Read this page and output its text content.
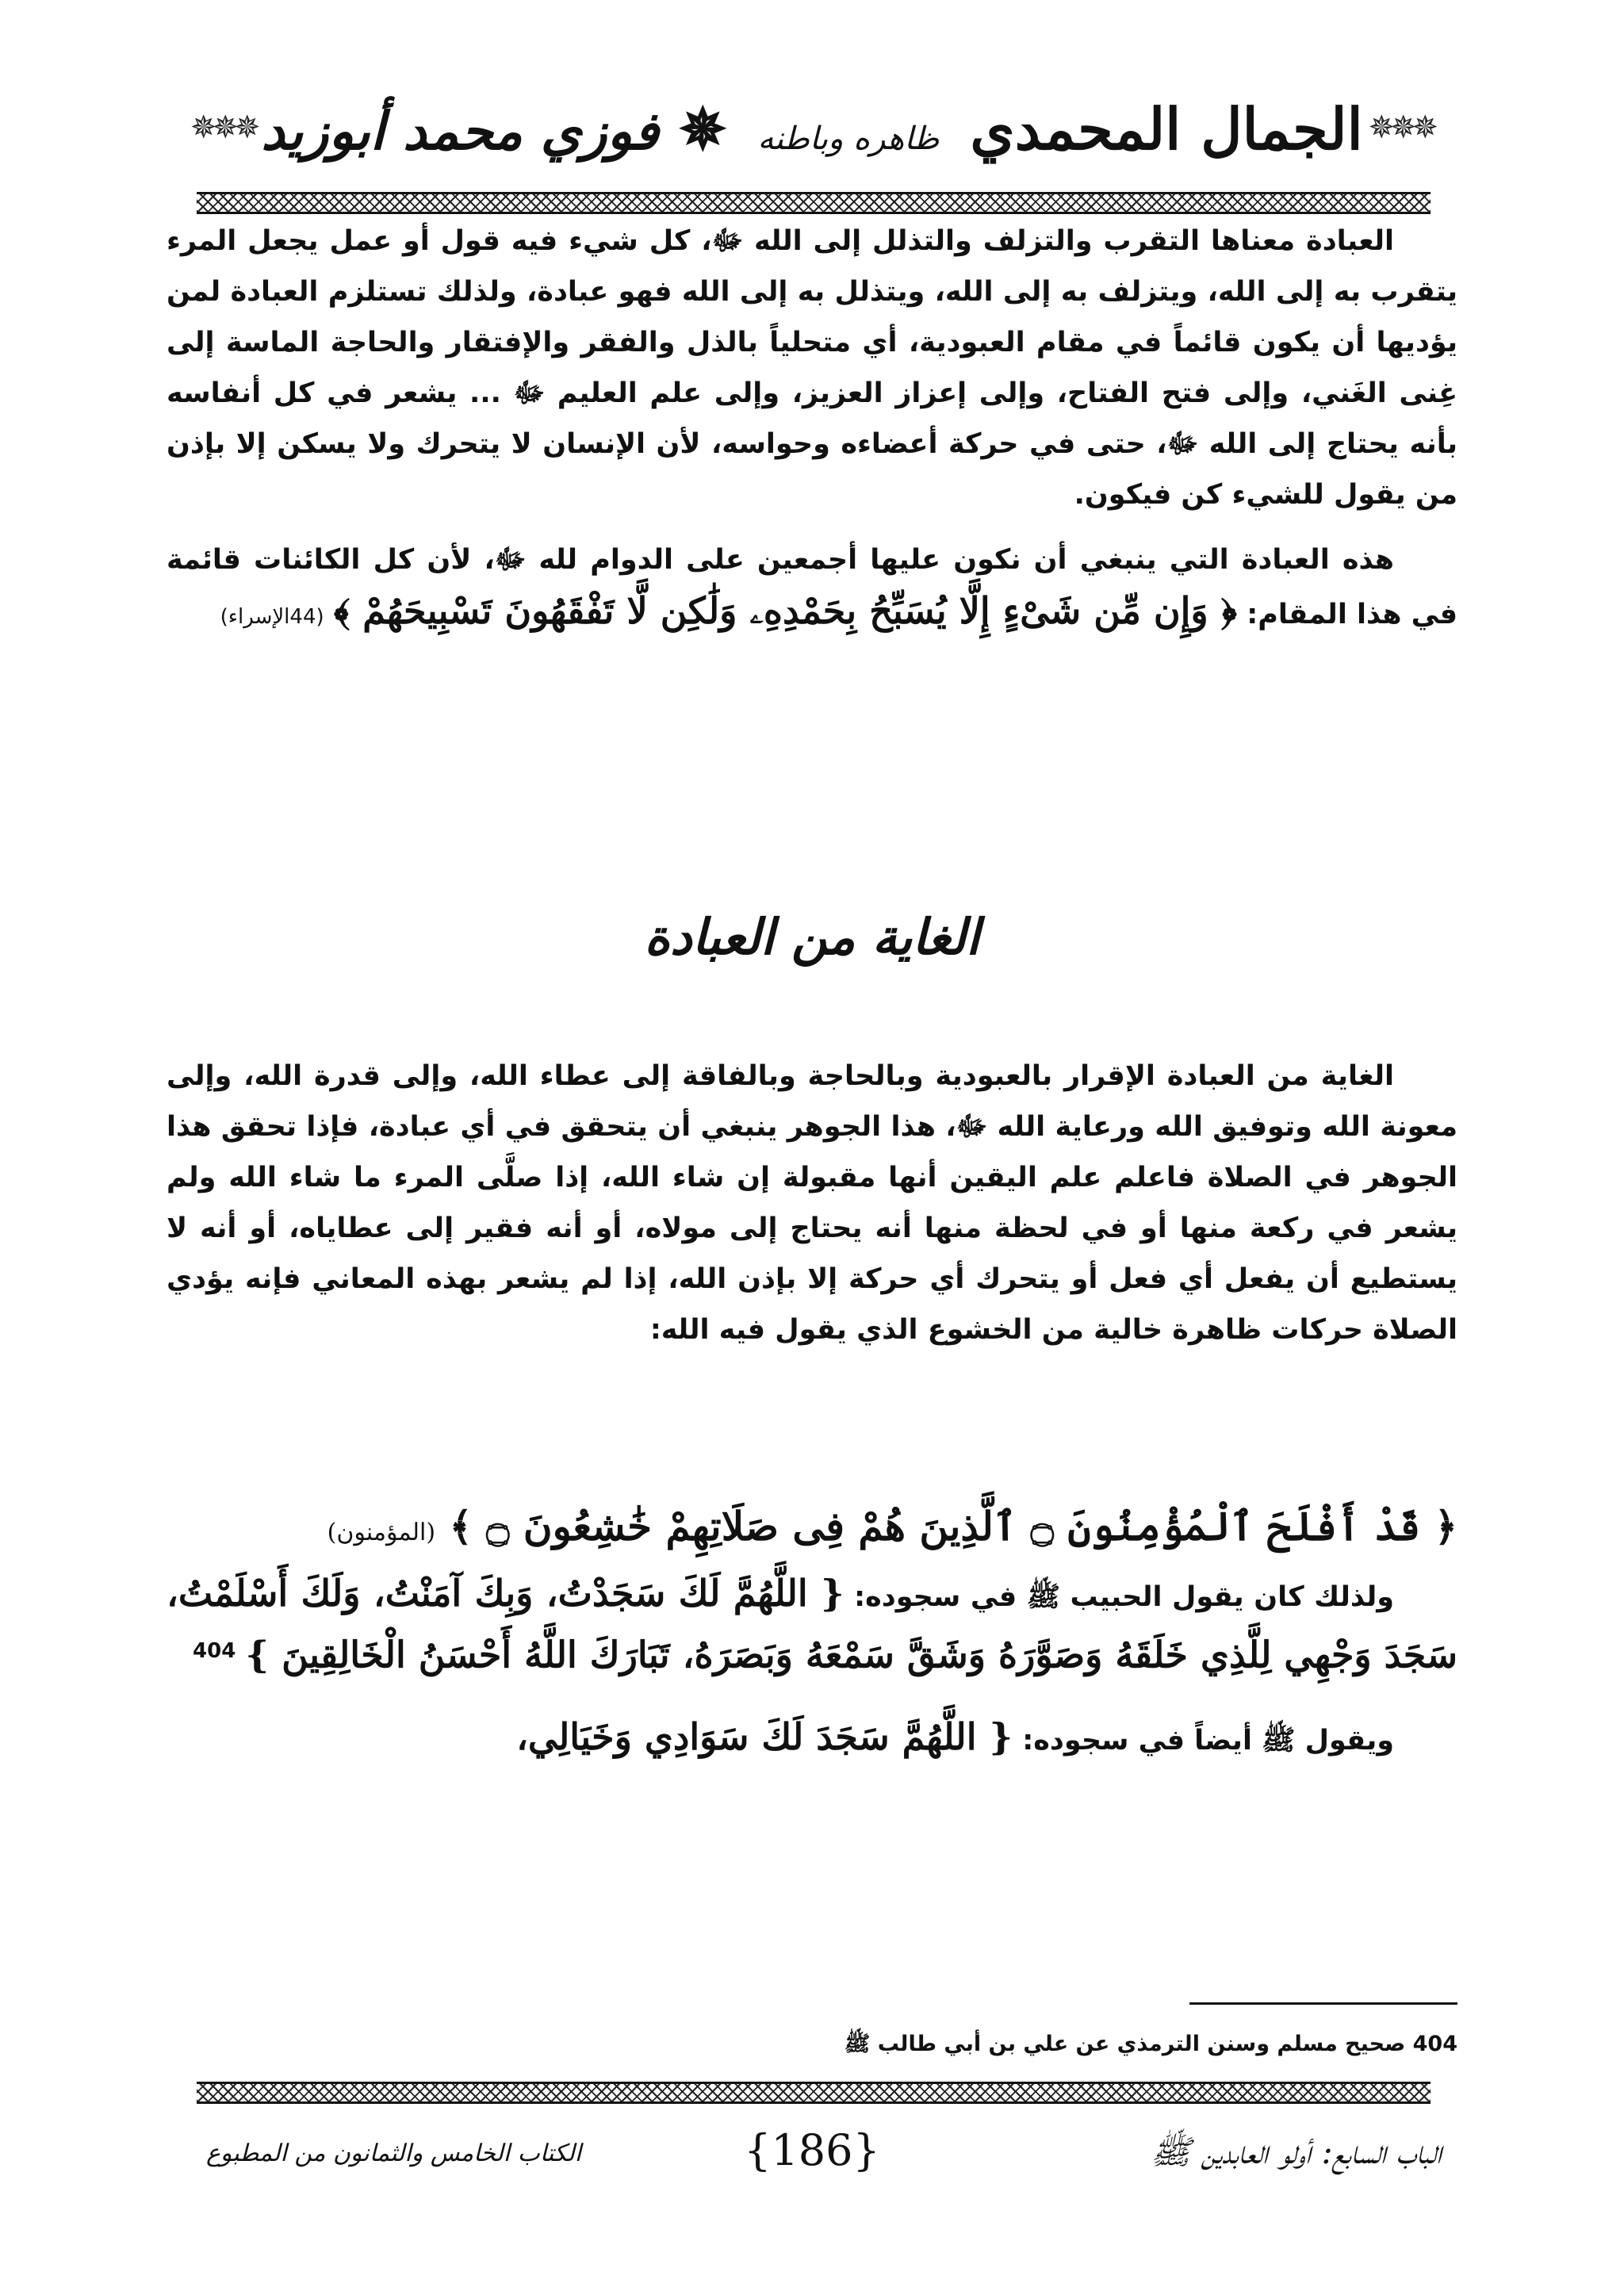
✵✵✵
✵✵✵	الجمال المحمدي ظاهره وباطنه ✵ فوزي محمد أبوزيد

العبادة معناها التقرب والتزلف والتذلل إلى الله ﷻ، كل شيء فيه قول أو عمل يجعل المرء يتقرب به إلى الله، ويتزلف به إلى الله، ويتذلل به إلى الله فهو عبادة، ولذلك تستلزم العبادة لمن يؤديها أن يكون قائماً في مقام العبودية، أي متحلياً بالذل والفقر والإفتقار والحاجة الماسة إلى غِنى الغَني، وإلى فتح الفتاح، وإلى إعزاز العزيز، وإلى علم العليم ﷻ ... يشعر في كل أنفاسه بأنه يحتاج إلى الله ﷻ، حتى في حركة أعضاءه وحواسه، لأن الإنسان لا يتحرك ولا يسكن إلا بإذن من يقول للشيء كن فيكون.

هذه العبادة التي ينبغي أن نكون عليها أجمعين على الدوام لله ﷻ، لأن كل الكائنات قائمة في هذا المقام: ﴿ وَإِن مِّن شَىْءٍ إِلَّا يُسَبِّحُ بِحَمْدِهِۦ وَلَٰكِن لَّا تَفْقَهُونَ تَسْبِيحَهُمْ ﴾ (44الإسراء)

الغاية من العبادة

الغاية من العبادة الإقرار بالعبودية وبالحاجة وبالفاقة إلى عطاء الله، وإلى قدرة الله، وإلى معونة الله وتوفيق الله ورعاية الله ﷻ، هذا الجوهر ينبغي أن يتحقق في أي عبادة، فإذا تحقق هذا الجوهر في الصلاة فاعلم علم اليقين أنها مقبولة إن شاء الله، إذا صلَّى المرء ما شاء الله ولم يشعر في ركعة منها أو في لحظة منها أنه يحتاج إلى مولاه، أو أنه فقير إلى عطاياه، أو أنه لا يستطيع أن يفعل أي فعل أو يتحرك أي حركة إلا بإذن الله، إذا لم يشعر بهذه المعاني فإنه يؤدي الصلاة حركات ظاهرة خالية من الخشوع الذي يقول فيه الله:

﴿ قَدْ أَفْلَحَ ٱلْمُؤْمِنُونَ ۝ ٱلَّذِينَ هُمْ فِى صَلَاتِهِمْ خَٰشِعُونَ ۝ ﴾ (المؤمنون)

ولذلك كان يقول الحبيب ﷺ في سجوده: { اللَّهُمَّ لَكَ سَجَدْتُ، وَبِكَ آمَنْتُ، وَلَكَ أَسْلَمْتُ، سَجَدَ وَجْهِي لِلَّذِي خَلَقَهُ وَصَوَّرَهُ وَشَقَّ سَمْعَهُ وَبَصَرَهُ، تَبَارَكَ اللَّهُ أَحْسَنُ الْخَالِقِينَ } $^{404}$

ويقول ﷺ أيضاً في سجوده: { اللَّهُمَّ سَجَدَ لَكَ سَوَادِي وَخَيَالِي،

404 صحيح مسلم وسنن الترمذي عن علي بن أبي طالب ﷺ
الباب السابع: أولو العابدين ﷺ
{186}
الكتاب الخامس والثمانون من المطبوع
